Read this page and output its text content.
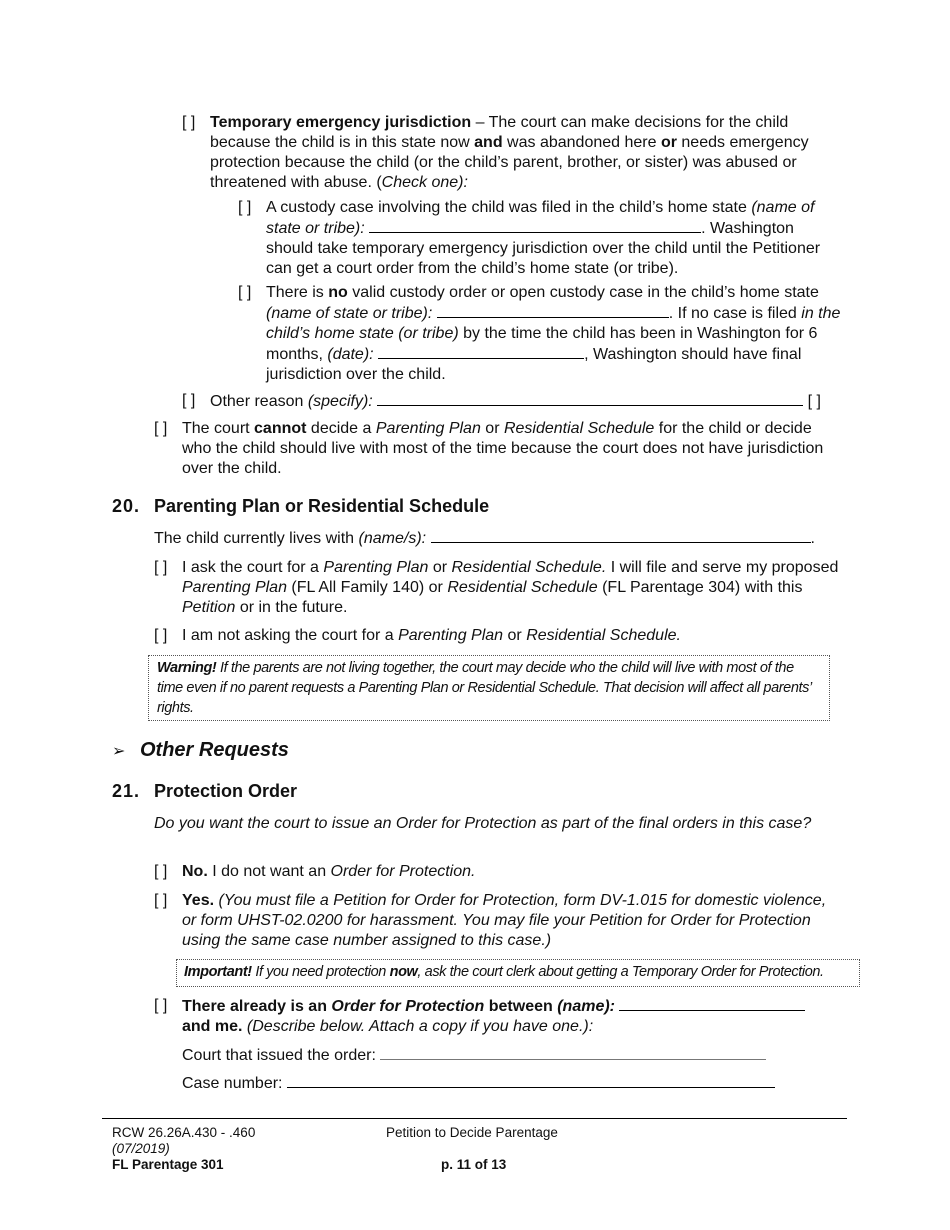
[ ] Temporary emergency jurisdiction – The court can make decisions for the child because the child is in this state now and was abandoned here or needs emergency protection because the child (or the child’s parent, brother, or sister) was abused or threatened with abuse. (Check one):
[ ] A custody case involving the child was filed in the child’s home state (name of state or tribe):	. Washington should take temporary emergency jurisdiction over the child until the Petitioner can get a court order from the child’s home state (or tribe).
[ ] There is no valid custody order or open custody case in the child’s home state (name of state or tribe):	. If no case is filed in the child’s home state (or tribe) by the time the child has been in Washington for 6 months, (date):	, Washington should have final jurisdiction over the child.
[ ] Other reason (specify):	[ ]
[ ] The court cannot decide a Parenting Plan or Residential Schedule for the child or decide who the child should live with most of the time because the court does not have jurisdiction over the child.
20. Parenting Plan or Residential Schedule
The child currently lives with (name/s):	.
[ ] I ask the court for a Parenting Plan or Residential Schedule. I will file and serve my proposed Parenting Plan (FL All Family 140) or Residential Schedule (FL Parentage 304) with this Petition or in the future.
[ ] I am not asking the court for a Parenting Plan or Residential Schedule.
Warning! If the parents are not living together, the court may decide who the child will live with most of the time even if no parent requests a Parenting Plan or Residential Schedule. That decision will affect all parents’ rights.
➢ Other Requests
21. Protection Order
Do you want the court to issue an Order for Protection as part of the final orders in this case?
[ ] No. I do not want an Order for Protection.
[ ] Yes. (You must file a Petition for Order for Protection, form DV-1.015 for domestic violence, or form UHST-02.0200 for harassment. You may file your Petition for Order for Protection using the same case number assigned to this case.)
Important! If you need protection now, ask the court clerk about getting a Temporary Order for Protection.
[ ] There already is an Order for Protection between (name):
and me. (Describe below. Attach a copy if you have one.):
Court that issued the order:
Case number:
RCW 26.26A.430 - .460
(07/2019)
FL Parentage 301
Petition to Decide Parentage
p. 11 of 13
